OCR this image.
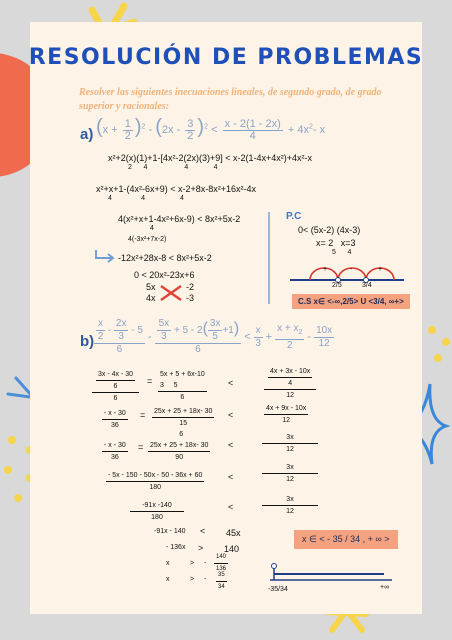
RESOLUCIÓN DE PROBLEMAS
Resolver las siguientes inecuaciones lineales, de segundo grado, de grado superior y racionales:
a) $(x + \frac{1}{2} )^2 - (2x - \frac{3}{2} )^2 < \frac{x - 2(1 - 2x)}{4} + 4x^2-$ x
x²+2(x)(1)+1-[4x²-2(2x)(3)+9] < x-2(1-4x+4x²)+4x²-x
2      4                   4             4
x²+x+1-(4x²-6x+9) < x-2+8x-8x²+16x²-4x
4               4                  4
4(x²+x+1-4x²+6x-9) < 8x²+5x-2
4
4(-3x²+7x-2)
-12x²+28x-8 < 8x²+5x-2
0 < 20x²-23x+6
5x	-2
4x	-3
P.C
0< (5x-2) (4x-3)
x= 2   x=3
5      4
+	-	+
2/5	3/4
C.S x∈ <-∞,2/5> U <3/4, ∞+>
$b) \frac{x}{2} - \frac{2x}{3} - 5$
6
- $\frac{5x}{3} + 5 - 2( \frac{3x}{5} +1)$
6
<
x
$3 + \frac{x + x_2}{2}$ -
10x
12
$\frac{\frac{3x - 4x - 30}{6}}{6}$ =
5x + 5 + 6x-10
3 5
6
<	$\frac{\frac{4x + 3x - 10x}{4}}{12}$
$\frac{- x - 30}{36} = 25x + 25 + 18x-$ 30
15
6
<	$\frac{4x + 9x - 10x}{12}$
$\frac{- x - 30}{36} = \frac{25x + 25 + 18x- 30}{90}$ <	$\frac{3x}{12}$
$\frac{- 5x - 150 - 50x - 50 - 36x + 60}{180}$	<	$\frac{3x}{12}$
$\frac{-91x -140}{180}$	<	$\frac{3x}{12}$
-91x - 140 < 45x
- 136x > 140
x	> - $\frac{140}{136}$
x	> - $\frac{35}{34}$
x ∈ < - 35 / 34 , + ∞ >
-35/34	+∞
